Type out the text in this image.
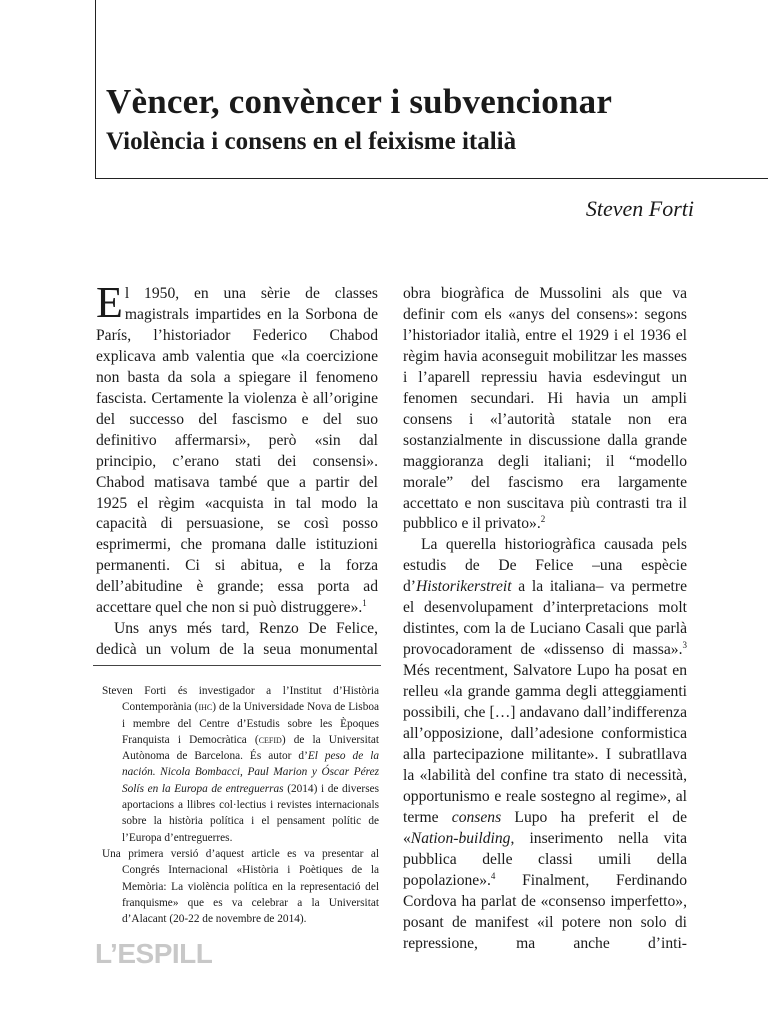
Vèncer, convèncer i subvencionar
Violència i consens en el feixisme italià
Steven Forti

El 1950, en una sèrie de classes magistrals impartides en la Sorbona de París, l’historiador Federico Chabod explicava amb valentia que «la coercizione non basta da sola a spiegare il fenomeno fascista. Certamente la violenza è all’origine del successo del fascismo e del suo definitivo affermarsi», però «sin dal principio, c’erano stati dei consensi». Chabod matisava també que a partir del 1925 el règim «acquista in tal modo la capacità di persuasione, se così posso esprimermi, che promana dalle istituzioni permanenti. Ci si abitua, e la forza dell’abitudine è grande; essa porta ad accettare quel che non si può distruggere».$^1$

Uns anys més tard, Renzo De Felice, dedicà un volum de la seua monumental

obra biogràfica de Mussolini als que va definir com els «anys del consens»: segons l’historiador italià, entre el 1929 i el 1936 el règim havia aconseguit mobilitzar les masses i l’aparell repressiu havia esdevingut un fenomen secundari. Hi havia un ampli consens i «l’autorità statale non era sostanzialmente in discussione dalla grande maggioranza degli italiani; il “modello morale” del fascismo era largamente accettato e non suscitava più contrasti tra il pubblico e il privato».$^2$

La querella historiogràfica causada pels estudis de De Felice –una espècie d’Historikerstreit a la italiana– va permetre el desenvolupament d’interpretacions molt distintes, com la de Luciano Casali que parlà provocadorament de «dissenso di massa».$^3$ Més recentment, Salvatore Lupo ha posat en relleu «la grande gamma degli atteggiamenti possibili, che […] andavano dall’indifferenza all’opposizione, dall’adesione conformistica alla partecipazione militante». I subratllava la «labilità del confine tra stato di necessità, opportunismo e reale sostegno al regime», al terme consens Lupo ha preferit el de «Nation-building, inserimento nella vita pubblica delle classi umili della popolazione».$^4$ Finalment, Ferdinando Cordova ha parlat de «consenso imperfetto», posant de manifest «il potere non solo di repressione, ma anche d’inti-

Steven Forti és investigador a l’Institut d’Història Contemporània (ihc) de la Universidade Nova de Lisboa i membre del Centre d’Estudis sobre les Èpoques Franquista i Democràtica (cefid) de la Universitat Autònoma de Barcelona. És autor d’El peso de la nación. Nicola Bombacci, Paul Marion y Óscar Pérez Solís en la Europa de entreguerras (2014) i de diverses aportacions a llibres col·lectius i revistes internacionals sobre la història política i el pensament polític de l’Europa d’entreguerres.

Una primera versió d’aquest article es va presentar al Congrés Internacional «Història i Poètiques de la Memòria: La violència política en la representació del franquisme» que es va celebrar a la Universitat d’Alacant (20-22 de novembre de 2014).

L’ESPILL
